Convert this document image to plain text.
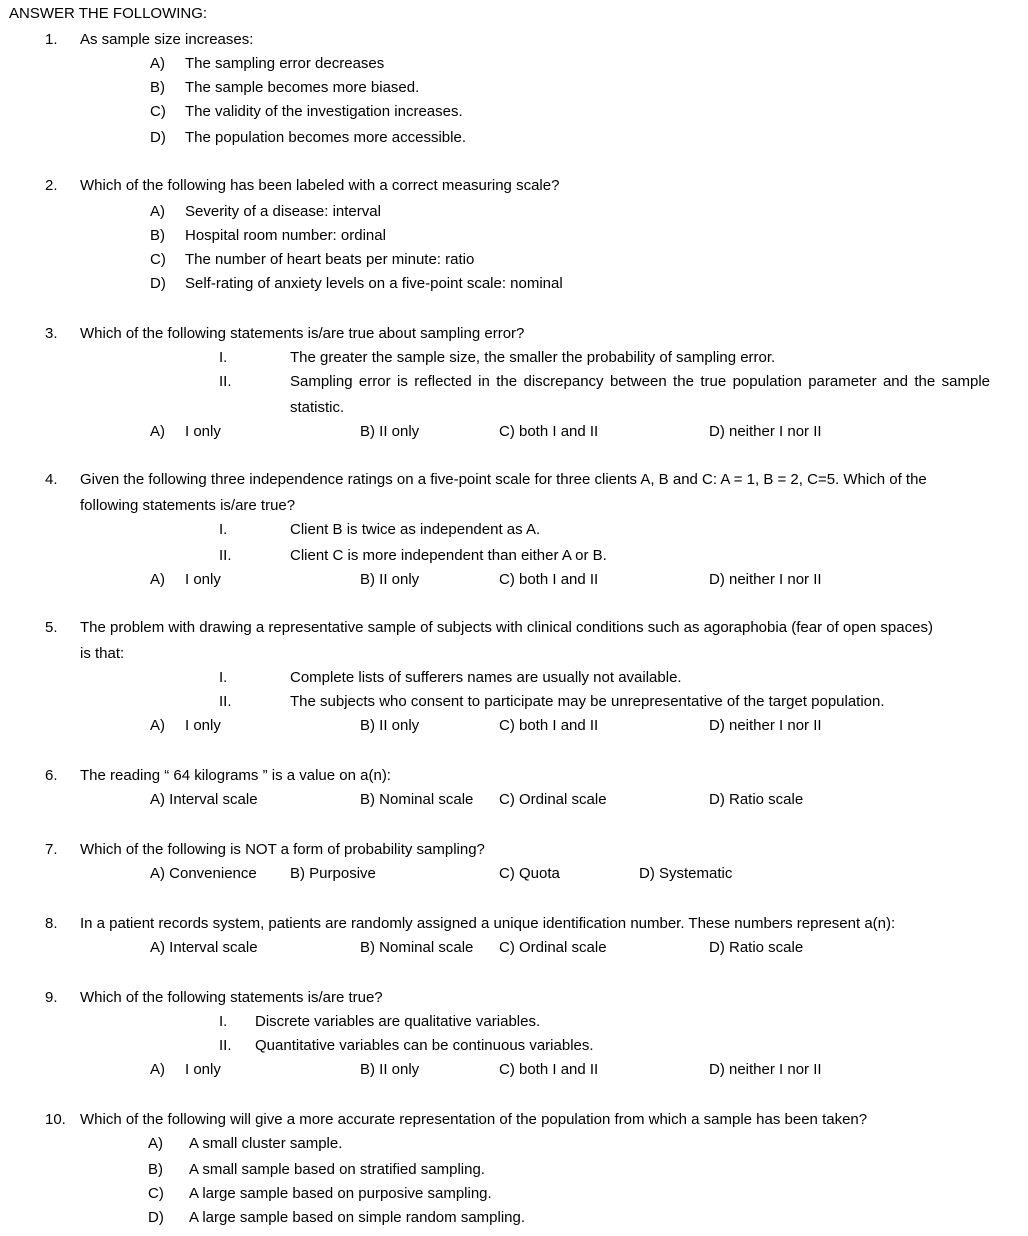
ANSWER THE FOLLOWING:
1. As sample size increases:
A) The sampling error decreases
B) The sample becomes more biased.
C) The validity of the investigation increases.
D) The population becomes more accessible.
2. Which of the following has been labeled with a correct measuring scale?
A) Severity of a disease: interval
B) Hospital room number: ordinal
C) The number of heart beats per minute: ratio
D) Self-rating of anxiety levels on a five-point scale: nominal
3. Which of the following statements is/are true about sampling error?
I.	The greater the sample size, the smaller the probability of sampling error.
II.	Sampling error is reflected in the discrepancy between the true population parameter and the sample statistic.
A) I only	B) II only	C) both I and II	D) neither I nor II
4. Given the following three independence ratings on a five-point scale for three clients A, B and C: A = 1, B = 2, C=5. Which of the
following statements is/are true?
I.	Client B is twice as independent as A.
II.	Client C is more independent than either A or B.
A) I only	B) II only	C) both I and II	D) neither I nor II
5. The problem with drawing a representative sample of subjects with clinical conditions such as agoraphobia (fear of open spaces)
is that:
I.	Complete lists of sufferers names are usually not available.
II.	The subjects who consent to participate may be unrepresentative of the target population.
A) I only	B) II only	C) both I and II	D) neither I nor II
6. The reading “ 64 kilograms ” is a value on a(n):
A) Interval scale	B) Nominal scale C) Ordinal scale	D) Ratio scale
7. Which of the following is NOT a form of probability sampling?
A) Convenience B) Purposive	C) Quota	D) Systematic
8. In a patient records system, patients are randomly assigned a unique identification number. These numbers represent a(n):
A) Interval scale	B) Nominal scale C) Ordinal scale	D) Ratio scale
9. Which of the following statements is/are true?
I. Discrete variables are qualitative variables.
II. Quantitative variables can be continuous variables.
A) I only	B) II only	C) both I and II	D) neither I nor II
10. Which of the following will give a more accurate representation of the population from which a sample has been taken?
A) A small cluster sample.
B) A small sample based on stratified sampling.
C) A large sample based on purposive sampling.
D) A large sample based on simple random sampling.
